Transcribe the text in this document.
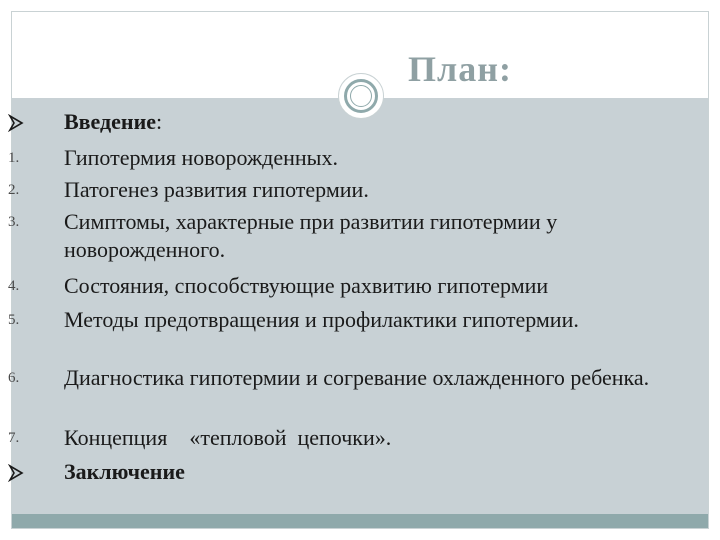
План:
Введение :
1.	Гипотермия новорожденных.
2.	Патогенез развития гипотермии.
3.	Симптомы, характерные при развитии гипотермии у новорожденного.
4.	Состояния, способствующие рахвитию гипотермии
5.	Методы предотвращения и профилактики гипотермии.
6.	Диагностика гипотермии и согревание охлажденного ребенка.
7.	Концепция    «тепловой  цепочки».
Заключение
